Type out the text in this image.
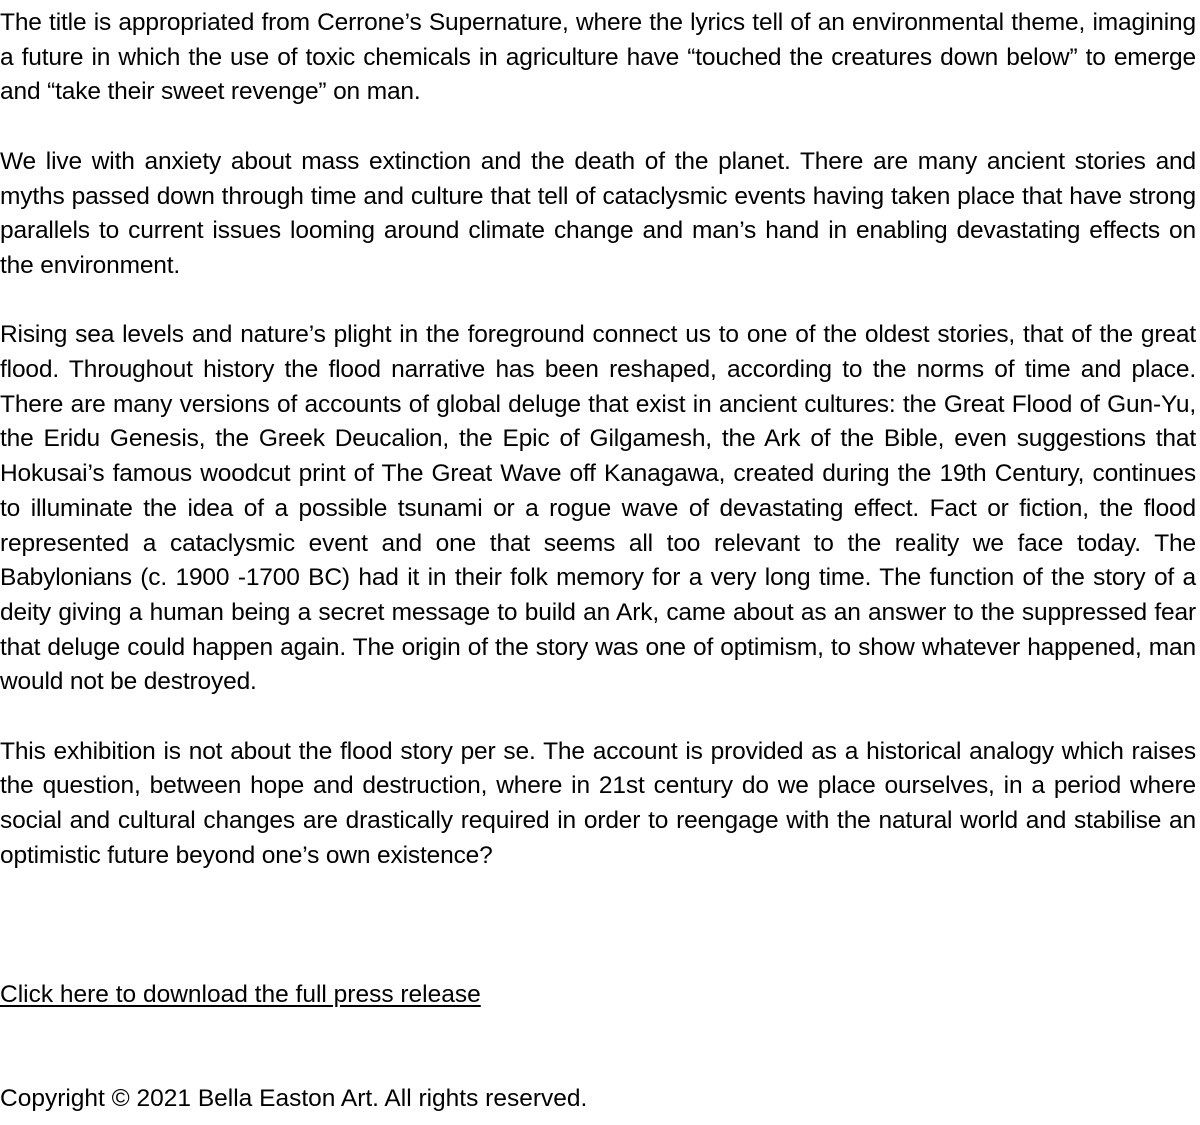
The title is appropriated from Cerrone’s Supernature, where the lyrics tell of an environmental theme, imagining a future in which the use of toxic chemicals in agriculture have “touched the creatures down below” to emerge and “take their sweet revenge” on man.

We live with anxiety about mass extinction and the death of the planet. There are many ancient stories and myths passed down through time and culture that tell of cataclysmic events having taken place that have strong parallels to current issues looming around climate change and man’s hand in enabling devastating effects on the environment.

Rising sea levels and nature’s plight in the foreground connect us to one of the oldest stories, that of the great flood. Throughout history the flood narrative has been reshaped, according to the norms of time and place. There are many versions of accounts of global deluge that exist in ancient cultures: the Great Flood of Gun-Yu, the Eridu Genesis, the Greek Deucalion, the Epic of Gilgamesh, the Ark of the Bible, even suggestions that Hokusai’s famous woodcut print of The Great Wave off Kanagawa, created during the 19th Century, continues to illuminate the idea of a possible tsunami or a rogue wave of devastating effect. Fact or fiction, the flood represented a cataclysmic event and one that seems all too relevant to the reality we face today. The Babylonians (c. 1900 -1700 BC) had it in their folk memory for a very long time. The function of the story of a deity giving a human being a secret message to build an Ark, came about as an answer to the suppressed fear that deluge could happen again. The origin of the story was one of optimism, to show whatever happened, man would not be destroyed.

This exhibition is not about the flood story per se. The account is provided as a historical analogy which raises the question, between hope and destruction, where in 21st century do we place ourselves, in a period where social and cultural changes are drastically required in order to reengage with the natural world and stabilise an optimistic future beyond one’s own existence?

Click here to download the full press release

Copyright © 2021 Bella Easton Art. All rights reserved.
